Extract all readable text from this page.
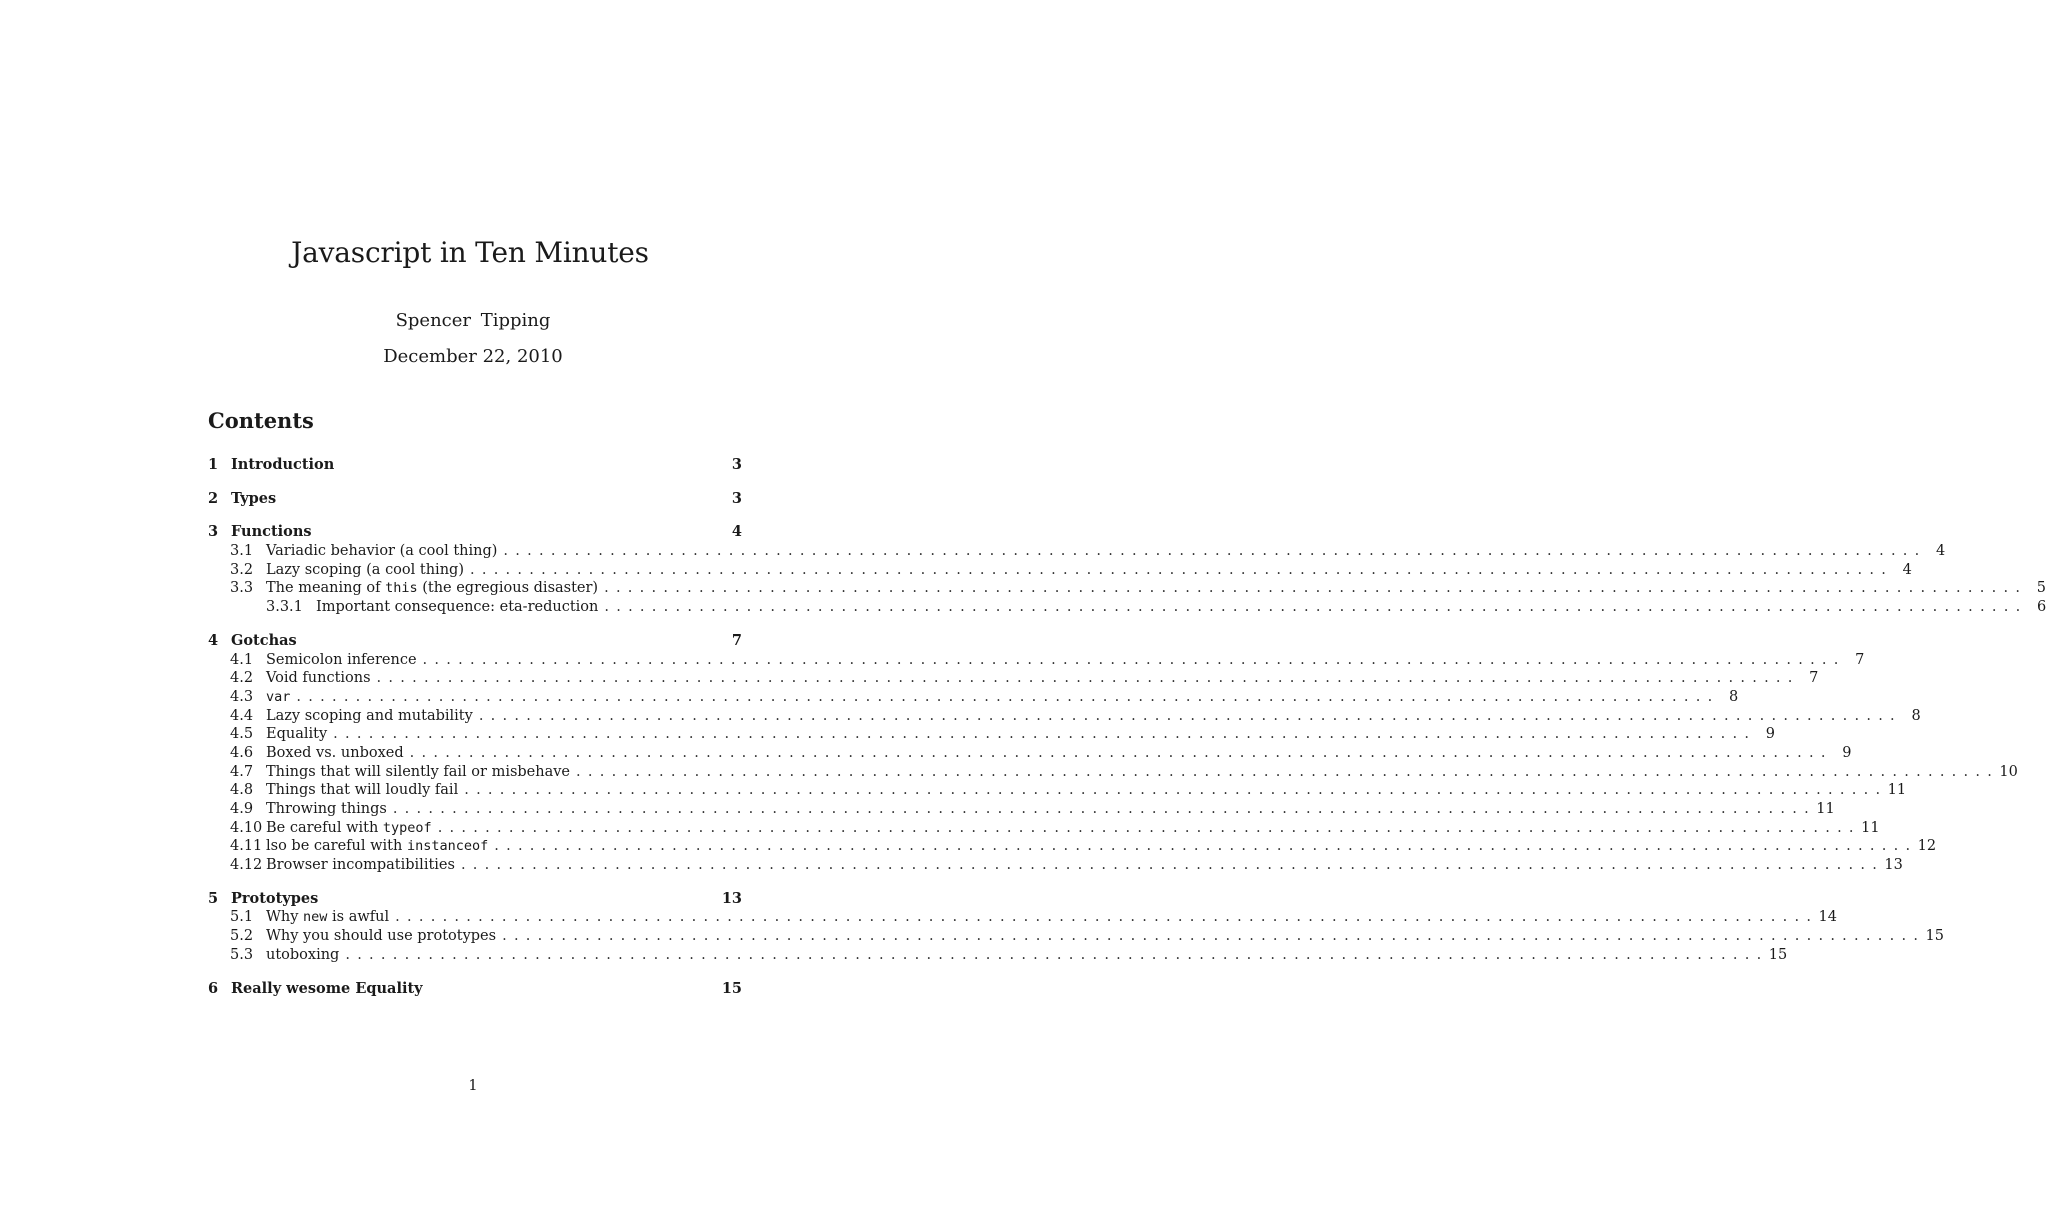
Javascript in Ten Minutes
Spencer Tipping
December 22, 2010
Contents
1 Introduction	3
2 Types	3
3 Functions	4
3.1 Variadic behavior (a cool thing) . . . . . . . . . . . . . . . . . . . . . . . . . . . . . . . . . . . . . . . . . . . . . . . . . . . . . . . . . . . . . . . . . . . . . . . . . . . . . . . . . . . . . . . . . . . . . . . . . . . . . . . . . . . . . . . . . . . . . . . .	4
3.2 Lazy scoping (a cool thing) . . . . . . . . . . . . . . . . . . . . . . . . . . . . . . . . . . . . . . . . . . . . . . . . . . . . . . . . . . . . . . . . . . . . . . . . . . . . . . . . . . . . . . . . . . . . . . . . . . . . . . . . . . . . . . . . . . . . . . . .	4
3.3 The meaning of this (the egregious disaster) . . . . . . . . . . . . . . . . . . . . . . . . . . . . . . . . . . . . . . . . . . . . . . . . . . . . . . . . . . . . . . . . . . . . . . . . . . . . . . . . . . . . . . . . . . . . . . . . . . . . . . . . . . . . . . . . . . . . . . . .	5
3.3.1 Important consequence: eta-reduction . . . . . . . . . . . . . . . . . . . . . . . . . . . . . . . . . . . . . . . . . . . . . . . . . . . . . . . . . . . . . . . . . . . . . . . . . . . . . . . . . . . . . . . . . . . . . . . . . . . . . . . . . . . . . . . . . . . . . . . .	6
4 Gotchas	7
4.1 Semicolon inference . . . . . . . . . . . . . . . . . . . . . . . . . . . . . . . . . . . . . . . . . . . . . . . . . . . . . . . . . . . . . . . . . . . . . . . . . . . . . . . . . . . . . . . . . . . . . . . . . . . . . . . . . . . . . . . . . . . . . . . .	7
4.2 Void functions . . . . . . . . . . . . . . . . . . . . . . . . . . . . . . . . . . . . . . . . . . . . . . . . . . . . . . . . . . . . . . . . . . . . . . . . . . . . . . . . . . . . . . . . . . . . . . . . . . . . . . . . . . . . . . . . . . . . . . . .	7
4.3 var . . . . . . . . . . . . . . . . . . . . . . . . . . . . . . . . . . . . . . . . . . . . . . . . . . . . . . . . . . . . . . . . . . . . . . . . . . . . . . . . . . . . . . . . . . . . . . . . . . . . . . . . . . . . . . . . . . . . . . . .	8
4.4 Lazy scoping and mutability . . . . . . . . . . . . . . . . . . . . . . . . . . . . . . . . . . . . . . . . . . . . . . . . . . . . . . . . . . . . . . . . . . . . . . . . . . . . . . . . . . . . . . . . . . . . . . . . . . . . . . . . . . . . . . . . . . . . . . . .	8
4.5 Equality . . . . . . . . . . . . . . . . . . . . . . . . . . . . . . . . . . . . . . . . . . . . . . . . . . . . . . . . . . . . . . . . . . . . . . . . . . . . . . . . . . . . . . . . . . . . . . . . . . . . . . . . . . . . . . . . . . . . . . . .	9
4.6 Boxed vs. unboxed . . . . . . . . . . . . . . . . . . . . . . . . . . . . . . . . . . . . . . . . . . . . . . . . . . . . . . . . . . . . . . . . . . . . . . . . . . . . . . . . . . . . . . . . . . . . . . . . . . . . . . . . . . . . . . . . . . . . . . . .	9
4.7 Things that will silently fail or misbehave . . . . . . . . . . . . . . . . . . . . . . . . . . . . . . . . . . . . . . . . . . . . . . . . . . . . . . . . . . . . . . . . . . . . . . . . . . . . . . . . . . . . . . . . . . . . . . . . . . . . . . . . . . . . . . . . . . . . . . . . 10
4.8 Things that will loudly fail . . . . . . . . . . . . . . . . . . . . . . . . . . . . . . . . . . . . . . . . . . . . . . . . . . . . . . . . . . . . . . . . . . . . . . . . . . . . . . . . . . . . . . . . . . . . . . . . . . . . . . . . . . . . . . . . . . . . . . . . 11
4.9 Throwing things . . . . . . . . . . . . . . . . . . . . . . . . . . . . . . . . . . . . . . . . . . . . . . . . . . . . . . . . . . . . . . . . . . . . . . . . . . . . . . . . . . . . . . . . . . . . . . . . . . . . . . . . . . . . . . . . . . . . . . . . 11
4.10 Be careful with typeof . . . . . . . . . . . . . . . . . . . . . . . . . . . . . . . . . . . . . . . . . . . . . . . . . . . . . . . . . . . . . . . . . . . . . . . . . . . . . . . . . . . . . . . . . . . . . . . . . . . . . . . . . . . . . . . . . . . . . . . . 11
4.11 lso be careful with instanceof . . . . . . . . . . . . . . . . . . . . . . . . . . . . . . . . . . . . . . . . . . . . . . . . . . . . . . . . . . . . . . . . . . . . . . . . . . . . . . . . . . . . . . . . . . . . . . . . . . . . . . . . . . . . . . . . . . . . . . . . 12
4.12 Browser incompatibilities . . . . . . . . . . . . . . . . . . . . . . . . . . . . . . . . . . . . . . . . . . . . . . . . . . . . . . . . . . . . . . . . . . . . . . . . . . . . . . . . . . . . . . . . . . . . . . . . . . . . . . . . . . . . . . . . . . . . . . . . 13
5 Prototypes	13
5.1 Why new is awful . . . . . . . . . . . . . . . . . . . . . . . . . . . . . . . . . . . . . . . . . . . . . . . . . . . . . . . . . . . . . . . . . . . . . . . . . . . . . . . . . . . . . . . . . . . . . . . . . . . . . . . . . . . . . . . . . . . . . . . . 14
5.2 Why you should use prototypes . . . . . . . . . . . . . . . . . . . . . . . . . . . . . . . . . . . . . . . . . . . . . . . . . . . . . . . . . . . . . . . . . . . . . . . . . . . . . . . . . . . . . . . . . . . . . . . . . . . . . . . . . . . . . . . . . . . . . . . . 15
5.3 utoboxing . . . . . . . . . . . . . . . . . . . . . . . . . . . . . . . . . . . . . . . . . . . . . . . . . . . . . . . . . . . . . . . . . . . . . . . . . . . . . . . . . . . . . . . . . . . . . . . . . . . . . . . . . . . . . . . . . . . . . . . . 15
6 Really wesome Equality	15
1
